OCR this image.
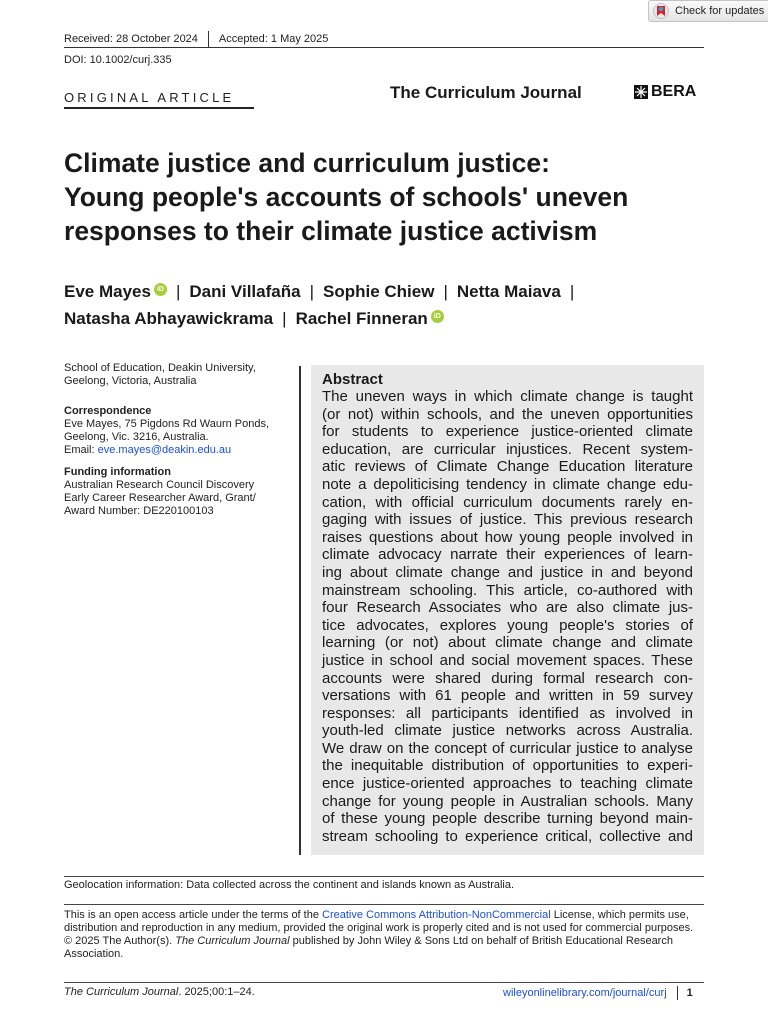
Check for updates
Received: 28 October 2024 Accepted: 1 May 2025
DOI: 10.1002/curj.335
ORIGINAL ARTICLE	The Curriculum Journal	BERA
Climate justice and curriculum justice:
Young people's accounts of schools' uneven
responses to their climate justice activism
Eve MayesiD | Dani Villafaña | Sophie Chiew | Netta Maiava |
Natasha Abhayawickrama | Rachel FinneraniD
School of Education, Deakin University,
Geelong, Victoria, Australia
Correspondence
Eve Mayes, 75 Pigdons Rd Waurn Ponds,
Geelong, Vic. 3216, Australia.
Email: eve.mayes@deakin.edu.au
Funding information
Australian Research Council Discovery
Early Career Researcher Award, Grant/
Award Number: DE220100103
Abstract
The uneven ways in which climate change is taught
(or not) within schools, and the uneven opportunities
for students to experience justice-oriented climate
education, are curricular injustices. Recent system-
atic reviews of Climate Change Education literature
note a depoliticising tendency in climate change edu-
cation, with official curriculum documents rarely en-
gaging with issues of justice. This previous research
raises questions about how young people involved in
climate advocacy narrate their experiences of learn-
ing about climate change and justice in and beyond
mainstream schooling. This article, co-authored with
four Research Associates who are also climate jus-
tice advocates, explores young people's stories of
learning (or not) about climate change and climate
justice in school and social movement spaces. These
accounts were shared during formal research con-
versations with 61 people and written in 59 survey
responses: all participants identified as involved in
youth-led climate justice networks across Australia.
We draw on the concept of curricular justice to analyse
the inequitable distribution of opportunities to experi-
ence justice-oriented approaches to teaching climate
change for young people in Australian schools. Many
of these young people describe turning beyond main-
stream schooling to experience critical, collective and
Geolocation information: Data collected across the continent and islands known as Australia.
This is an open access article under the terms of the Creative Commons Attribution-NonCommercial License, which permits use, distribution and reproduction in any medium, provided the original work is properly cited and is not used for commercial purposes.
© 2025 The Author(s). The Curriculum Journal published by John Wiley & Sons Ltd on behalf of British Educational Research Association.
The Curriculum Journal. 2025;00:1–24.	wileyonlinelibrary.com/journal/curj 1
